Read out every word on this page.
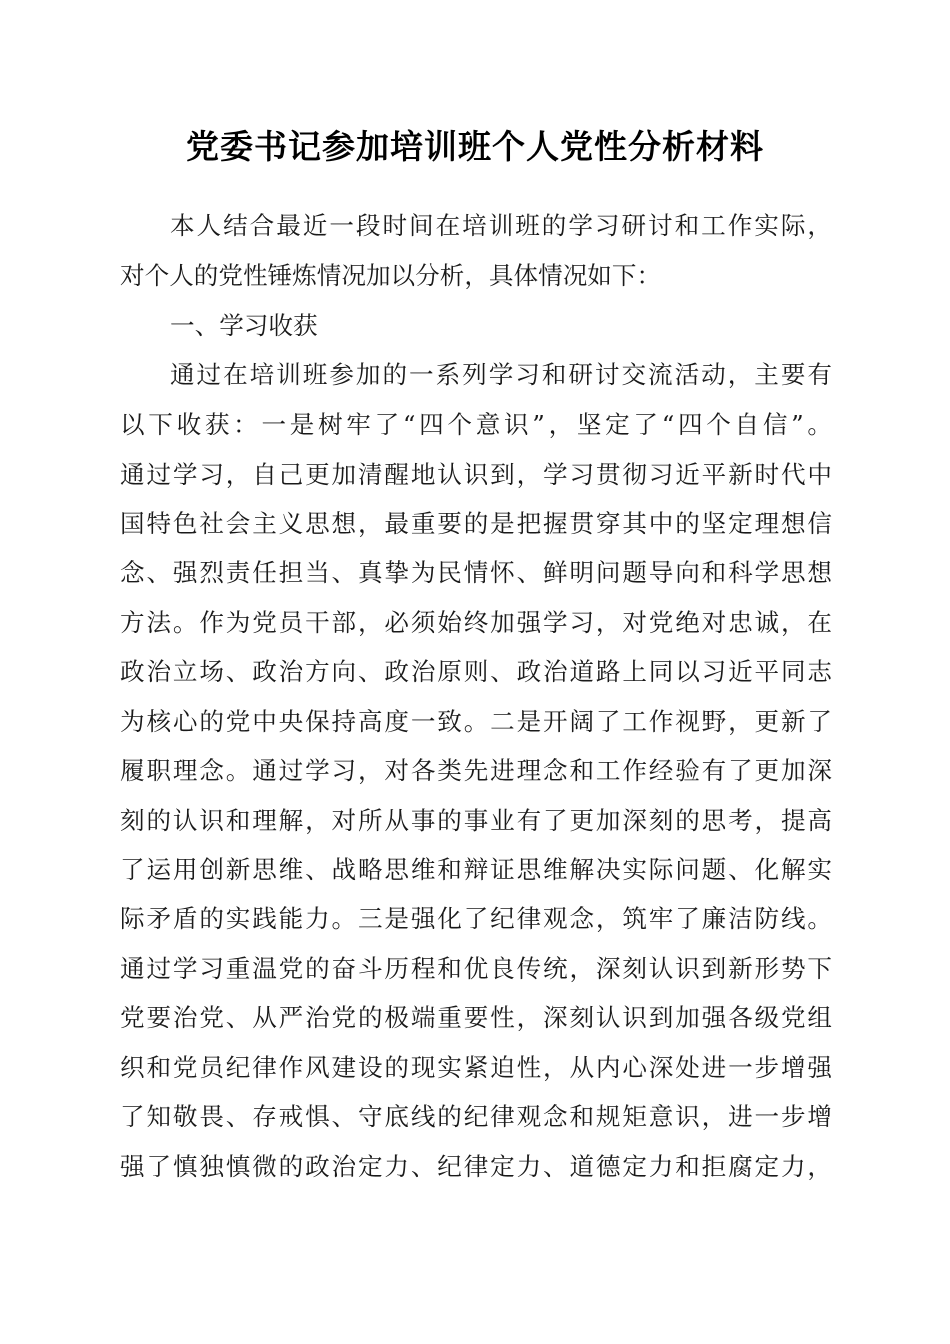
党委书记参加培训班个人党性分析材料
本人结合最近一段时间在培训班的学习研讨和工作实际，
对个人的党性锤炼情况加以分析，具体情况如下：
一、学习收获
通过在培训班参加的一系列学习和研讨交流活动，主要有
以下收获：一是树牢了“四个意识”，坚定了“四个自信”。
通过学习，自己更加清醒地认识到，学习贯彻习近平新时代中
国特色社会主义思想，最重要的是把握贯穿其中的坚定理想信
念、强烈责任担当、真挚为民情怀、鲜明问题导向和科学思想
方法。作为党员干部，必须始终加强学习，对党绝对忠诚，在
政治立场、政治方向、政治原则、政治道路上同以习近平同志
为核心的党中央保持高度一致。二是开阔了工作视野，更新了
履职理念。通过学习，对各类先进理念和工作经验有了更加深
刻的认识和理解，对所从事的事业有了更加深刻的思考，提高
了运用创新思维、战略思维和辩证思维解决实际问题、化解实
际矛盾的实践能力。三是强化了纪律观念，筑牢了廉洁防线。
通过学习重温党的奋斗历程和优良传统，深刻认识到新形势下
党要治党、从严治党的极端重要性，深刻认识到加强各级党组
织和党员纪律作风建设的现实紧迫性，从内心深处进一步增强
了知敬畏、存戒惧、守底线的纪律观念和规矩意识，进一步增
强了慎独慎微的政治定力、纪律定力、道德定力和拒腐定力，
